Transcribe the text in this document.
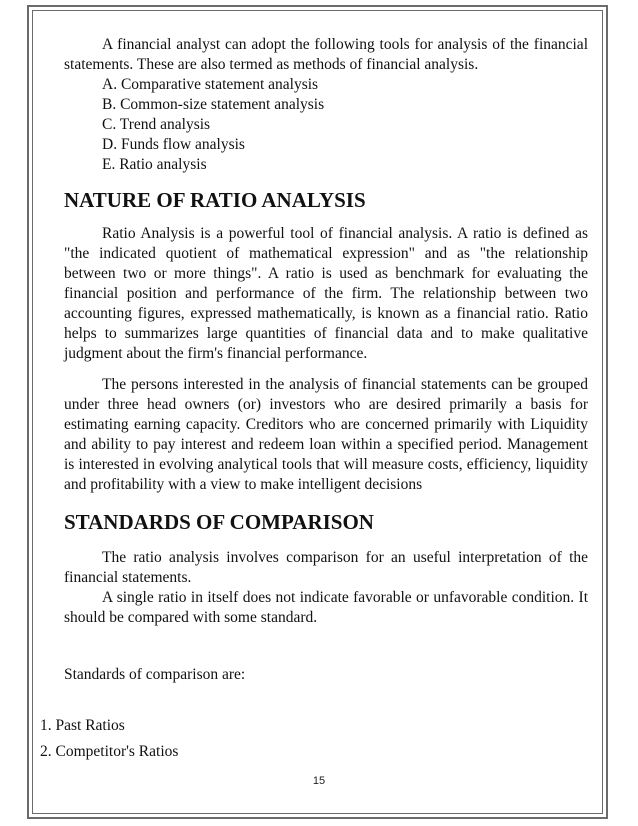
A financial analyst can adopt the following tools for analysis of the financial statements. These are also termed as methods of financial analysis.

A. Comparative statement analysis
B. Common-size statement analysis
C. Trend analysis
D. Funds flow analysis
E. Ratio analysis
NATURE OF RATIO ANALYSIS

Ratio Analysis is a powerful tool of financial analysis. A ratio is defined as "the indicated quotient of mathematical expression" and as "the relationship between two or more things". A ratio is used as benchmark for evaluating the financial position and performance of the firm. The relationship between two accounting figures, expressed mathematically, is known as a financial ratio. Ratio helps to summarizes large quantities of financial data and to make qualitative judgment about the firm's financial performance.

The persons interested in the analysis of financial statements can be grouped under three head owners (or) investors who are desired primarily a basis for estimating earning capacity. Creditors who are concerned primarily with Liquidity and ability to pay interest and redeem loan within a specified period. Management is interested in evolving analytical tools that will measure costs, efficiency, liquidity and profitability with a view to make intelligent decisions

STANDARDS OF COMPARISON

The ratio analysis involves comparison for an useful interpretation of the financial statements.

A single ratio in itself does not indicate favorable or unfavorable condition. It should be compared with some standard.

Standards of comparison are:
1. Past Ratios
2. Competitor's Ratios
15
